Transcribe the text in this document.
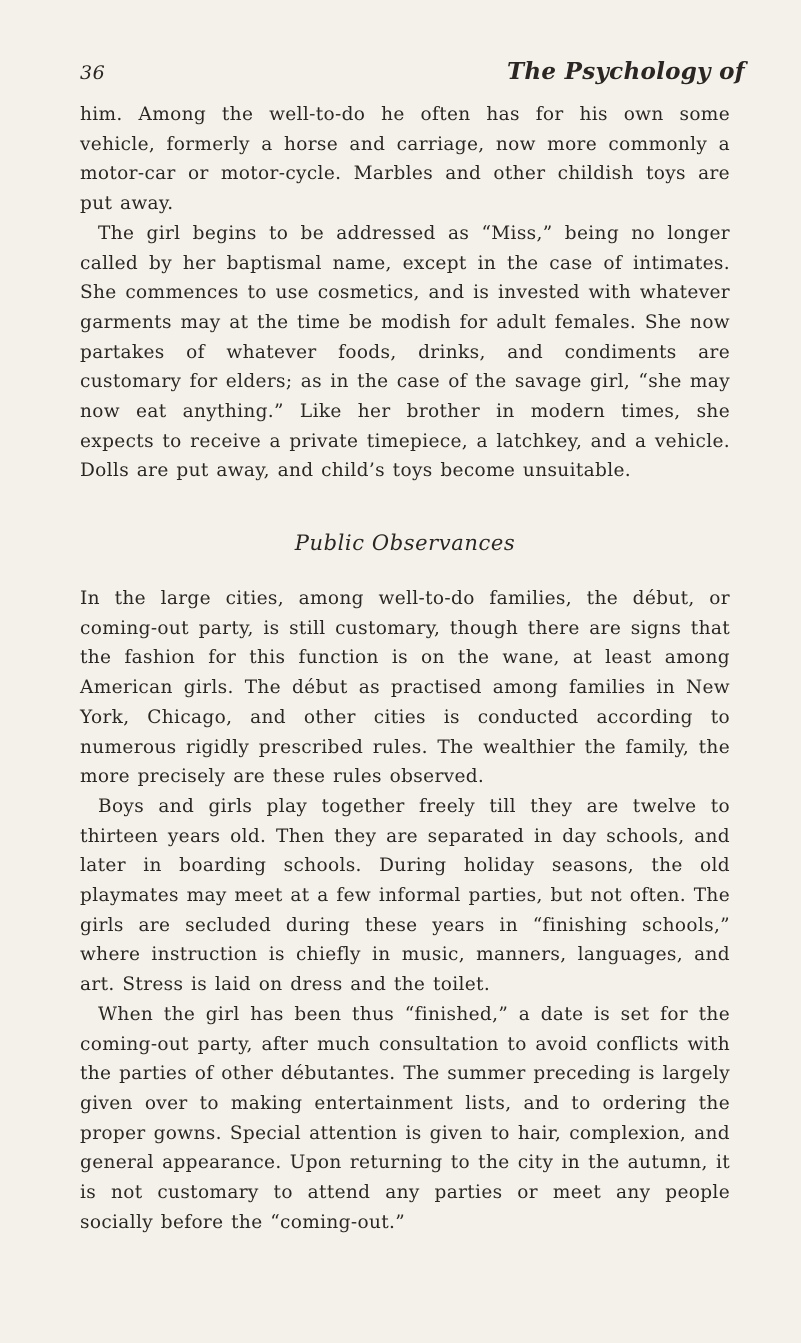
36	The Psychology of

him. Among the well-to-do he often has for his own some vehicle, formerly a horse and carriage, now more commonly a motor-car or motor-cycle. Marbles and other childish toys are put away.

The girl begins to be addressed as “Miss,” being no longer called by her baptismal name, except in the case of intimates. She commences to use cosmetics, and is invested with whatever garments may at the time be modish for adult females. She now partakes of whatever foods, drinks, and condiments are customary for elders; as in the case of the savage girl, “she may now eat anything.” Like her brother in modern times, she expects to receive a private timepiece, a latchkey, and a vehicle. Dolls are put away, and child’s toys become unsuitable.

Public Observances

In the large cities, among well-to-do families, the début, or coming-out party, is still customary, though there are signs that the fashion for this function is on the wane, at least among American girls. The début as practised among families in New York, Chicago, and other cities is conducted according to numerous rigidly prescribed rules. The wealthier the family, the more precisely are these rules observed.

Boys and girls play together freely till they are twelve to thirteen years old. Then they are separated in day schools, and later in boarding schools. During holiday seasons, the old playmates may meet at a few informal parties, but not often. The girls are secluded during these years in “finishing schools,” where instruction is chiefly in music, manners, languages, and art. Stress is laid on dress and the toilet.

When the girl has been thus “finished,” a date is set for the coming-out party, after much consultation to avoid conflicts with the parties of other débutantes. The summer preceding is largely given over to making entertainment lists, and to ordering the proper gowns. Special attention is given to hair, complexion, and general appearance. Upon returning to the city in the autumn, it is not customary to attend any parties or meet any people socially before the “coming-out.”
